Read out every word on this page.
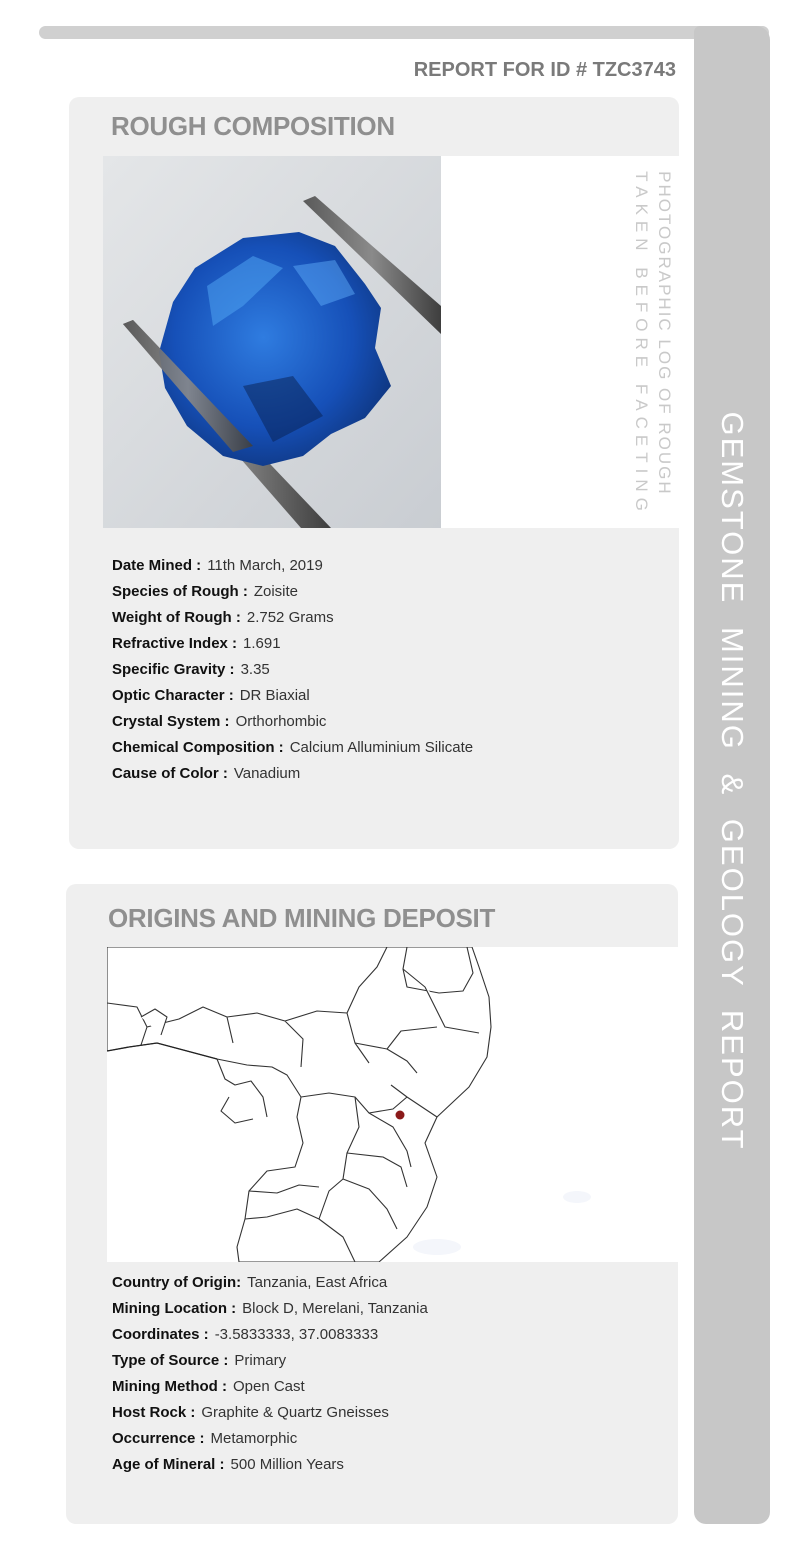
GEMSTONE MINING & GEOLOGY REPORT
REPORT FOR ID # TZC3743
ROUGH COMPOSITION
PHOTOGRAPHIC LOG OF ROUGH
TAKEN BEFORE FACETING
Date Mined : 11th March, 2019
Species of Rough : Zoisite
Weight of Rough : 2.752 Grams
Refractive Index : 1.691
Specific Gravity : 3.35
Optic Character : DR Biaxial
Crystal System : Orthorhombic
Chemical Composition : Calcium Alluminium Silicate
Cause of Color : Vanadium
ORIGINS AND MINING DEPOSIT
Country of Origin: Tanzania, East Africa
Mining Location : Block D, Merelani, Tanzania
Coordinates : -3.5833333, 37.0083333
Type of Source : Primary
Mining Method : Open Cast
Host Rock : Graphite & Quartz Gneisses
Occurrence : Metamorphic
Age of Mineral : 500 Million Years
